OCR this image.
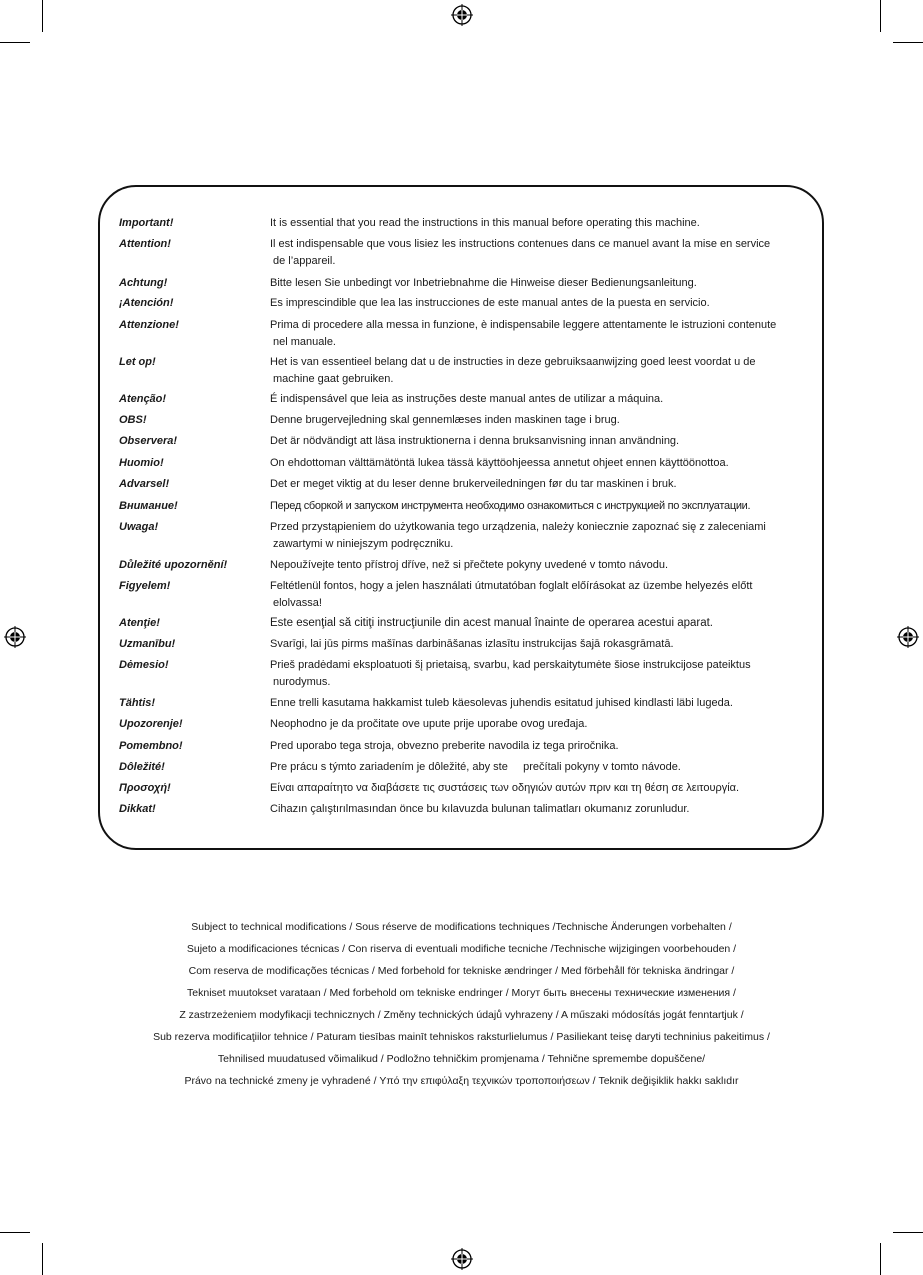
Important!	It is essential that you read the instructions in this manual before operating this machine.
Attention!	Il est indispensable que vous lisiez les instructions contenues dans ce manuel avant la mise en service
de l’appareil.
Achtung!	Bitte lesen Sie unbedingt vor Inbetriebnahme die Hinweise dieser Bedienungsanleitung.
¡Atención!	Es imprescindible que lea las instrucciones de este manual antes de la puesta en servicio.
Attenzione!	Prima di procedere alla messa in funzione, è indispensabile leggere attentamente le istruzioni contenute
nel manuale.
Let op!	Het is van essentieel belang dat u de instructies in deze gebruiksaanwijzing goed leest voordat u de
machine gaat gebruiken.
Atenção!	É indispensável que leia as instruções deste manual antes de utilizar a máquina.
OBS!	Denne brugervejledning skal gennemlæses inden maskinen tage i brug.
Observera!	Det är nödvändigt att läsa instruktionerna i denna bruksanvisning innan användning.
Huomio!	On ehdottoman välttämätöntä lukea tässä käyttöohjeessa annetut ohjeet ennen käyttöönottoa.
Advarsel!	Det er meget viktig at du leser denne brukerveiledningen før du tar maskinen i bruk.
Внимание!	Перед сборкой и запуском инструмента необходимо ознакомиться с инструкцией по эксплуатации.
Uwaga!	Przed przystąpieniem do użytkowania tego urządzenia, należy koniecznie zapoznać się z zaleceniami
zawartymi w niniejszym podręczniku.
Důležité upozornění!	Nepoužívejte tento přístroj dříve, než si přečtete pokyny uvedené v tomto návodu.
Figyelem!	Feltétlenül fontos, hogy a jelen használati útmutatóban foglalt előírásokat az üzembe helyezés előtt
elolvassa!
Atenţie!	Este esenţial să citiţi instrucţiunile din acest manual înainte de operarea acestui aparat.
Uzmanību!	Svarīgi, lai jūs pirms mašīnas darbināšanas izlasītu instrukcijas šajā rokasgrāmatā.
Dėmesio!	Prieš pradėdami eksploatuoti šį prietaisą, svarbu, kad perskaitytumėte šiose instrukcijose pateiktus
nurodymus.
Tähtis!	Enne trelli kasutama hakkamist tuleb käesolevas juhendis esitatud juhised kindlasti läbi lugeda.
Upozorenje!	Neophodno je da pročitate ove upute prije uporabe ovog uređaja.
Pomembno!	Pred uporabo tega stroja, obvezno preberite navodila iz tega priročnika.
Dôležité!	Pre prácu s týmto zariadením je dôležité, aby ste     prečítali pokyny v tomto návode.
Προσοχή!	Είναι απαραίτητο να διαβάσετε τις συστάσεις των οδηγιών αυτών πριν και τη θέση σε λειτουργία.
Dikkat!	Cihazın çalıştırılmasından önce bu kılavuzda bulunan talimatları okumanız zorunludur.
Subject to technical modifications / Sous réserve de modifications techniques /Technische Änderungen vorbehalten /
Sujeto a modificaciones técnicas / Con riserva di eventuali modifiche tecniche /Technische wijzigingen voorbehouden /
Com reserva de modificações técnicas / Med forbehold for tekniske ændringer / Med förbehåll för tekniska ändringar /
Tekniset muutokset varataan / Med forbehold om tekniske endringer / Могут быть внесены технические изменения /
Z zastrzeżeniem modyfikacji technicznych / Změny technických údajů vyhrazeny / A műszaki módosítás jogát fenntartjuk /
Sub rezerva modificaţiilor tehnice / Paturam tiesības mainīt tehniskos raksturlielumus / Pasiliekant teisę daryti techninius pakeitimus /
Tehnilised muudatused võimalikud / Podložno tehničkim promjenama / Tehnične spremembe dopuščene/
Právo na technické zmeny je vyhradené / Υπό την επιφύλαξη τεχνικών τροποποιήσεων / Teknik değişiklik hakkı saklıdır
